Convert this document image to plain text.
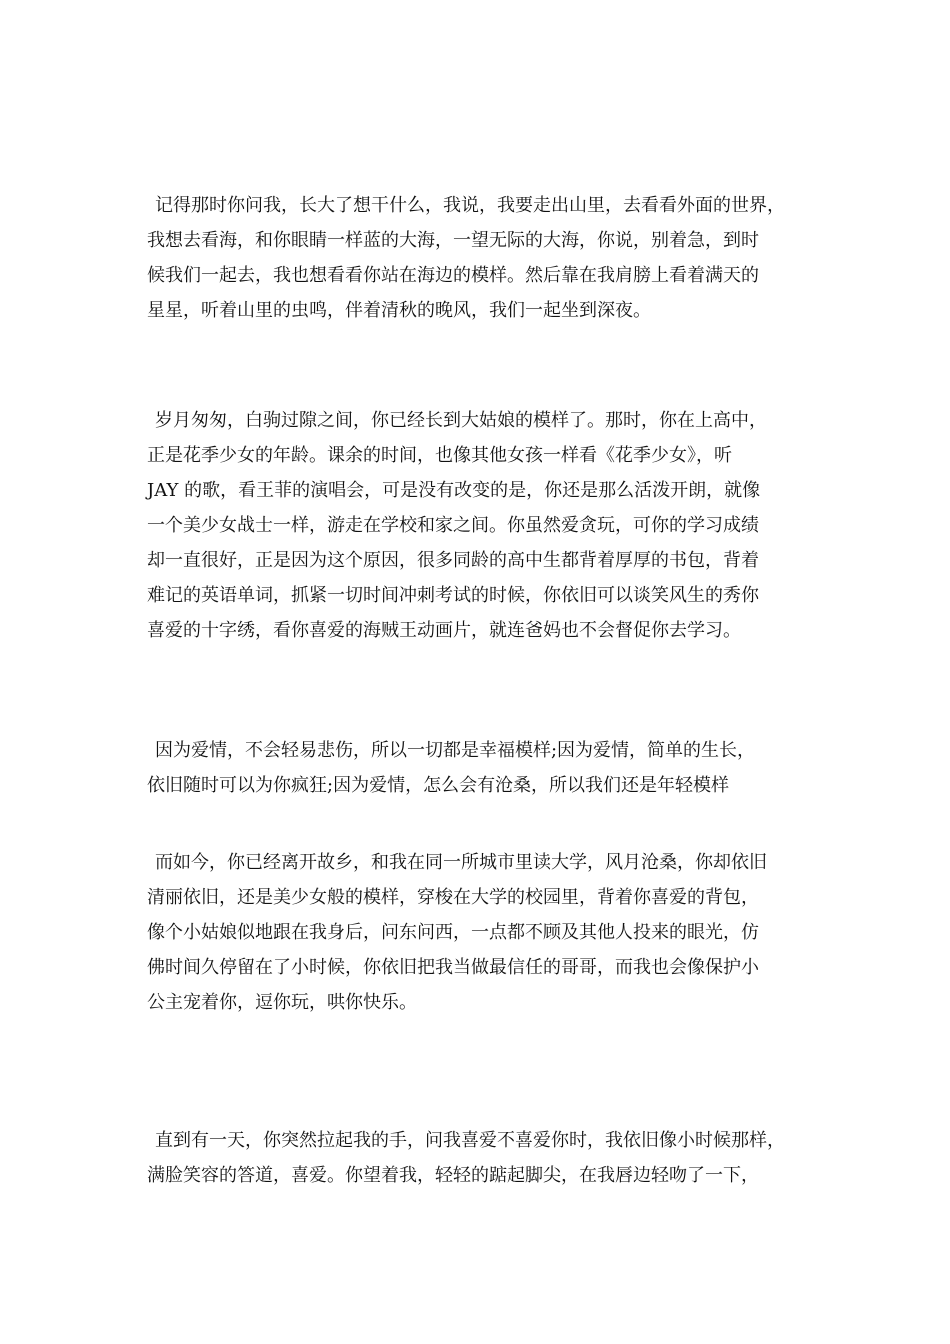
记得那时你问我，长大了想干什么，我说，我要走出山里，去看看外面的世界，
我想去看海，和你眼睛一样蓝的大海，一望无际的大海，你说，别着急，到时
候我们一起去，我也想看看你站在海边的模样。然后靠在我肩膀上看着满天的
星星，听着山里的虫鸣，伴着清秋的晚风，我们一起坐到深夜。
岁月匆匆，白驹过隙之间，你已经长到大姑娘的模样了。那时，你在上高中，
正是花季少女的年龄。课余的时间，也像其他女孩一样看《花季少女》，听
JAY 的歌，看王菲的演唱会，可是没有改变的是，你还是那么活泼开朗，就像
一个美少女战士一样，游走在学校和家之间。你虽然爱贪玩，可你的学习成绩
却一直很好，正是因为这个原因，很多同龄的高中生都背着厚厚的书包，背着
难记的英语单词，抓紧一切时间冲刺考试的时候，你依旧可以谈笑风生的秀你
喜爱的十字绣，看你喜爱的海贼王动画片，就连爸妈也不会督促你去学习。
因为爱情，不会轻易悲伤，所以一切都是幸福模样;因为爱情，简单的生长，
依旧随时可以为你疯狂;因为爱情，怎么会有沧桑，所以我们还是年轻模样
而如今，你已经离开故乡，和我在同一所城市里读大学，风月沧桑，你却依旧
清丽依旧，还是美少女般的模样，穿梭在大学的校园里，背着你喜爱的背包，
像个小姑娘似地跟在我身后，问东问西，一点都不顾及其他人投来的眼光，仿
佛时间久停留在了小时候，你依旧把我当做最信任的哥哥，而我也会像保护小
公主宠着你，逗你玩，哄你快乐。
直到有一天，你突然拉起我的手，问我喜爱不喜爱你时，我依旧像小时候那样，
满脸笑容的答道，喜爱。你望着我，轻轻的踮起脚尖，在我唇边轻吻了一下，
